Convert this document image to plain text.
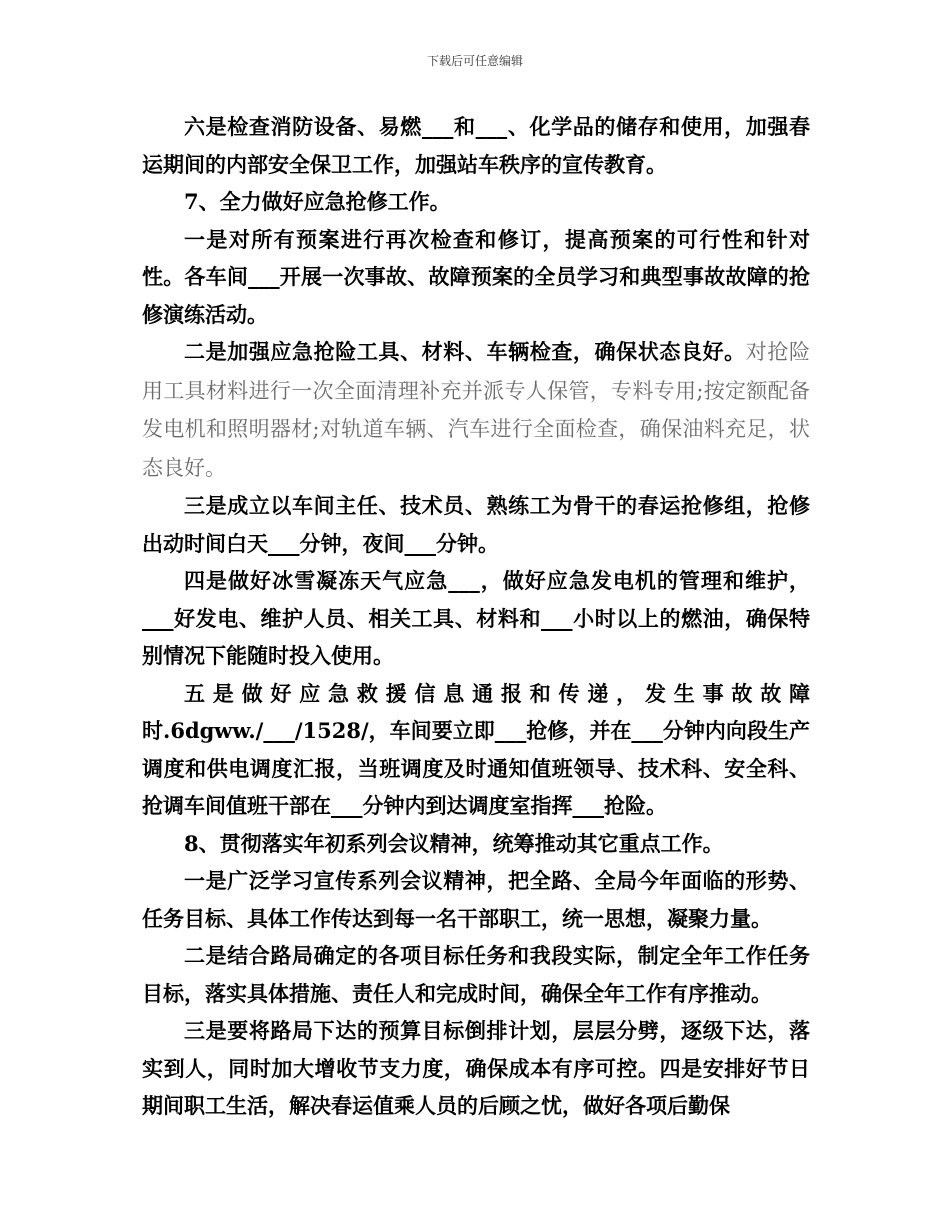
下载后可任意编辑

六是检查消防设备、易燃___和___、化学品的储存和使用，加强春运期间的内部安全保卫工作，加强站车秩序的宣传教育。

7、全力做好应急抢修工作。

一是对所有预案进行再次检查和修订，提高预案的可行性和针对性。各车间___开展一次事故、故障预案的全员学习和典型事故故障的抢修演练活动。

二是加强应急抢险工具、材料、车辆检查，确保状态良好。对抢险用工具材料进行一次全面清理补充并派专人保管，专料专用;按定额配备发电机和照明器材;对轨道车辆、汽车进行全面检查，确保油料充足，状态良好。

三是成立以车间主任、技术员、熟练工为骨干的春运抢修组，抢修出动时间白天___分钟，夜间___分钟。

四是做好冰雪凝冻天气应急___，做好应急发电机的管理和维护，___好发电、维护人员、相关工具、材料和___小时以上的燃油，确保特别情况下能随时投入使用。

五是做好应急救援信息通报和传递，发生事故故障时.6dgww./___/1528/，车间要立即___抢修，并在___分钟内向段生产调度和供电调度汇报，当班调度及时通知值班领导、技术科、安全科、抢调车间值班干部在___分钟内到达调度室指挥___抢险。

8、贯彻落实年初系列会议精神，统筹推动其它重点工作。

一是广泛学习宣传系列会议精神，把全路、全局今年面临的形势、任务目标、具体工作传达到每一名干部职工，统一思想，凝聚力量。

二是结合路局确定的各项目标任务和我段实际，制定全年工作任务目标，落实具体措施、责任人和完成时间，确保全年工作有序推动。

三是要将路局下达的预算目标倒排计划，层层分劈，逐级下达，落实到人，同时加大增收节支力度，确保成本有序可控。四是安排好节日期间职工生活，解决春运值乘人员的后顾之忧，做好各项后勤保
